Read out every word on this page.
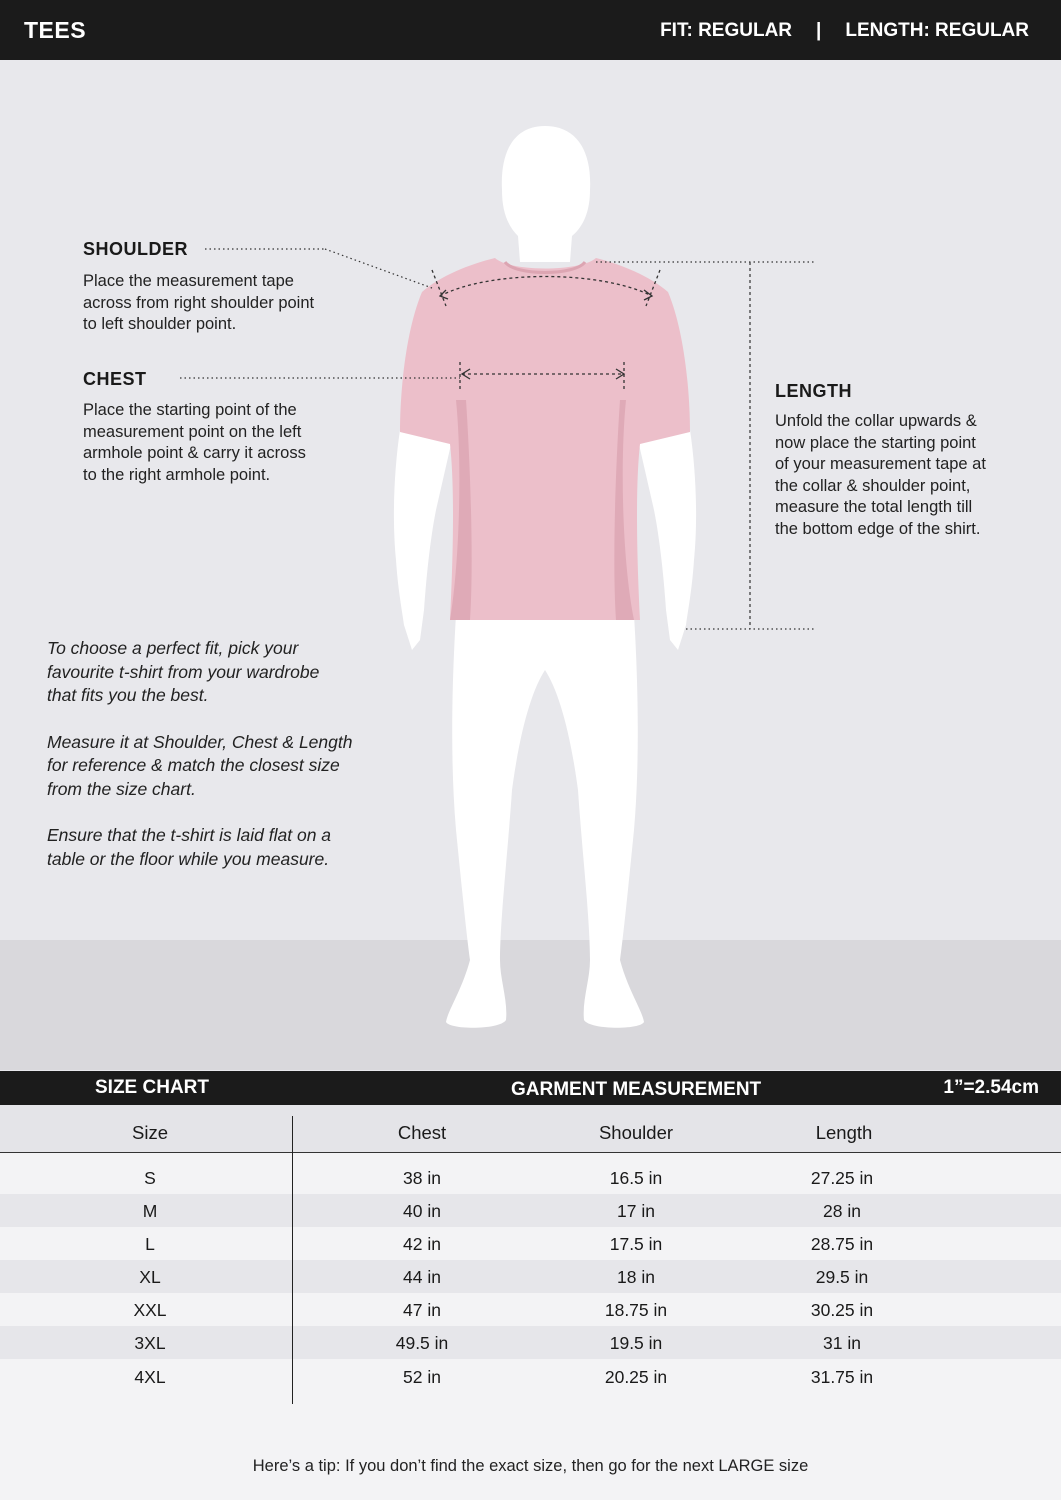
TEES	FIT: REGULAR | LENGTH: REGULAR
SHOULDER
Place the measurement tape
across from right shoulder point
to left shoulder point.
CHEST
Place the starting point of the
measurement point on the left
armhole point & carry it across
to the right armhole point.
LENGTH
Unfold the collar upwards &
now place the starting point
of your measurement tape at
the collar & shoulder point,
measure the total length till
the bottom edge of the shirt.

To choose a perfect fit, pick your
favourite t-shirt from your wardrobe
that fits you the best.

Measure it at Shoulder, Chest & Length
for reference & match the closest size
from the size chart.

Ensure that the t-shirt is laid flat on a
table or the floor while you measure.

SIZE CHART	GARMENT MEASUREMENT	1”=2.54cm
Size	Chest	Shoulder	Length
S	38 in	16.5 in	27.25 in
M	40 in	17 in	28 in
L	42 in	17.5 in	28.75 in
XL	44 in	18 in	29.5 in
XXL	47 in	18.75 in	30.25 in
3XL	49.5 in	19.5 in	31 in
4XL	52 in	20.25 in	31.75 in
Here’s a tip: If you don’t find the exact size, then go for the next LARGE size
